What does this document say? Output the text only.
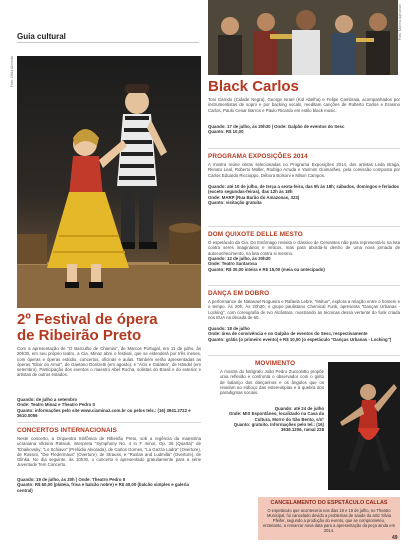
Guia cultural
Foto: Otilia Almeida
Foto: Marina Aghiarian
Black Carlos
Toni Garrido (Cidade Negra), George Israel (Kid Abelha) e Felipe Cambraia, acompanhados por instrumentistas de sopro e por backing vocals, reeditam canções de Roberto Carlos e Erasmo Carlos, Paulo Cesar Barros e Paulo Ricardo em estilo black music.

Quando: 17 de julho, às 20h30 | Onde: Galpão de eventos do Sesc

Quanto: R$ 10,00

PROGRAMA EXPOSIÇÕES 2014
A mostra reúne obras selecionadas no Programa Exposições 2014, dos artistas Leda Braga, Renato Leal, Roberto Müller, Rodrigo Arruda e Yasmim Guimarães, pela comissão composta por Carlos Eduardo Riccioppo, Débora Bolsoni e Nilton Campos.

Quando: até 10 de julho, de terça a sexta-feira, das 9h às 18h; sábados, domingos e feriados (exceto segundas-feiras), das 12h às 18h

Onde: MARP (Rua Barão do Amazonas, 323)

Quanto: visitação gratuita

DOM QUIXOTE DELLE MESTO
O espetáculo da Cia. Do Estômago revisita o clássico de Cervantes não para representá-lo na luta contra seres imaginários e míticos, mas para abordá-lo dentro de uma nova jornada de autoconhecimento, na luta contra si mesmo.

Quando: 12 de julho, às 20h30

Onde: Teatro Santarosa

Quanto: R$ 30,00 inteira e R$ 15,00 (meia ou antecipado)

DANÇA EM DOBRO
A performance de Natanael Nogueira e Rafaela Lebre, "Mútuo", explora a relação entre o homem e o tempo. Às 20h, Às 20h30, o grupo paulistano Chemical Funk, apresenta "Danças Urbanas - Locking", com coreografia de Ivo Alcântara, mostrando as técnicas dessa vertente do funk criada nos EUA na década de 60.

Quando: 18 de julho

Onde: área de convivência e no Galpão de eventos do Sesc, respectivamente

Quanto: grátis (o primeiro evento) e R$ 10,00 (o espetáculo "Danças Urbanas - Locking")

MOVIMENTO
A mostra do fotógrafo João Pedro Zuccolotto propõe uma reflexão e confronta o observador com o girito de balanço dos dançarinos e os ângulos que os revelam ao esboço das estereotipias e à quebra dos paradigmas sociais.

Quando: até 24 de julho

Onde: MIS Espontâneo, localizado na Casa da Cultura, Morro do São Bento, s/nº

Quanto: gratuito. Informações pelo tel.: (16) 3636.1206, ramal 228

2º Festival de ópera
de Ribeirão Preto
Com a apresentação de "O Barculho de Chamini", de Marcos Portugal, em 11 de julho, às 20h30, em seu próprio teatro, a Cia. Minaz abre o festival, que se estenderá por três meses, com óperas e óperas estúdio, concertos, oficinas e aulas. Também serão apresentadas as óperas "Elixir do Amor", de Gaetano Donizetti (em agosto), e "Acis e Galatea", de Händel (em setembro). Participação dos eventos o maestro Abel Rocha, solistas do Brasil e do exterior e artistas de outros estados.

Quando: de julho a setembro

Onde: Teatro Minaz e Theatro Pedro II

Quanto: informações pelo site www.ciaminaz.com.br ou pelos tels.: (16) 3941.2722 e 3610.0056

CONCERTOS INTERNACIONAIS
Neste concerto, a Orquestra Sinfônica de Ribeirão Preto, sob a regência da maestrina ucraniana Viktoria Ratsiuk, interpreta "Symphony No. 4 in F minor, Op. 36 (Quarta)" de Tchaikovsky; "Lo Schiavo" (Prelúdio Alvorada), de Carlos Gomes, "La Gazza Ladra" (Overture), de Rossini, "Die Fledermaus" (Overture), de Strauss, e "Ruslan and Ludmilla" (Overture), de Glinka. No dia seguinte, às 10h30, o concerto é apresentado gratuitamente para a série Juventude Tem Concerto.

Quando: 19 de julho, às 20h | Onde: Theatro Pedro II

Quanto: R$ 60,00 (plateia, frisa e balcão nobre) e R$ 40,00 (balcão simples e galeria central)

CANCELAMENTO DO ESPETÁCULO CALLAS
O espetáculo que aconteceria nos dias 18 e 19 de julho, no Theatro Municipal, foi cancelado devido a problemas de saúde da atriz Silvia Pfeifer, segundo a produção do evento, que se comprometeu, entretanto, a remarcar nova data para a apresentação da peça ainda em 2014.
49
